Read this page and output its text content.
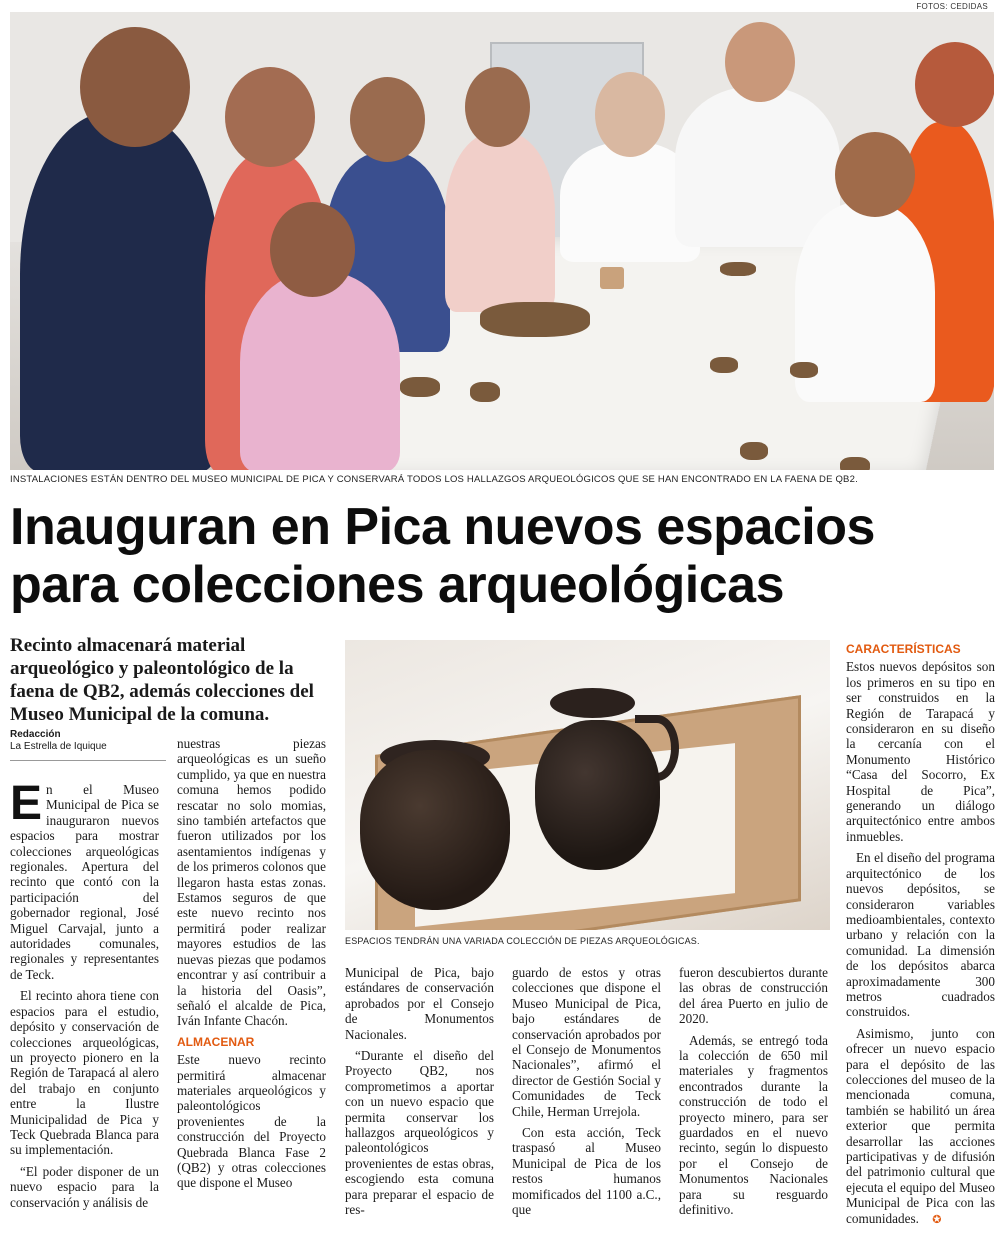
FOTOS: CEDIDAS
INSTALACIONES ESTÁN DENTRO DEL MUSEO MUNICIPAL DE PICA Y CONSERVARÁ TODOS LOS HALLAZGOS ARQUEOLÓGICOS QUE SE HAN ENCONTRADO EN LA FAENA DE QB2.
Inauguran en Pica nuevos espacios
para colecciones arqueológicas
Recinto almacenará material arqueológico y paleontológico de la faena de QB2, además colecciones del Museo Municipal de la comuna.
Redacción
La Estrella de Iquique

En el Museo Municipal de Pica se inauguraron nuevos espacios para mostrar colecciones arqueológicas regionales. Apertura del recinto que contó con la participación del gobernador regional, José Miguel Carvajal, junto a autoridades comunales, regionales y representantes de Teck.

El recinto ahora tiene con espacios para el estudio, depósito y conservación de colecciones arqueológicas, un proyecto pionero en la Región de Tarapacá al alero del trabajo en conjunto entre la Ilustre Municipalidad de Pica y Teck Quebrada Blanca para su implementación.

“El poder disponer de un nuevo espacio para la conservación y análisis de

nuestras piezas arqueológicas es un sueño cumplido, ya que en nuestra comuna hemos podido rescatar no solo momias, sino también artefactos que fueron utilizados por los asentamientos indígenas y de los primeros colonos que llegaron hasta estas zonas. Estamos seguros de que este nuevo recinto nos permitirá poder realizar mayores estudios de las nuevas piezas que podamos encontrar y así contribuir a la historia del Oasis”, señaló el alcalde de Pica, Iván Infante Chacón.

ALMACENAR

Este nuevo recinto permitirá almacenar materiales arqueológicos y paleontológicos provenientes de la construcción del Proyecto Quebrada Blanca Fase 2 (QB2) y otras colecciones que dispone el Museo

ESPACIOS TENDRÁN UNA VARIADA COLECCIÓN DE PIEZAS ARQUEOLÓGICAS.

Municipal de Pica, bajo estándares de conservación aprobados por el Consejo de Monumentos Nacionales.

“Durante el diseño del Proyecto QB2, nos comprometimos a aportar con un nuevo espacio que permita conservar los hallazgos arqueológicos y paleontológicos provenientes de estas obras, escogiendo esta comuna para preparar el espacio de res-

guardo de estos y otras colecciones que dispone el Museo Municipal de Pica, bajo estándares de conservación aprobados por el Consejo de Monumentos Nacionales”, afirmó el director de Gestión Social y Comunidades de Teck Chile, Herman Urrejola.

Con esta acción, Teck traspasó al Museo Municipal de Pica de los restos humanos momificados del 1100 a.C., que

fueron descubiertos durante las obras de construcción del área Puerto en julio de 2020.

Además, se entregó toda la colección de 650 mil materiales y fragmentos encontrados durante la construcción de todo el proyecto minero, para ser guardados en el nuevo recinto, según lo dispuesto por el Consejo de Monumentos Nacionales para su resguardo definitivo.

CARACTERÍSTICAS

Estos nuevos depósitos son los primeros en su tipo en ser construidos en la Región de Tarapacá y consideraron en su diseño la cercanía con el Monumento Histórico “Casa del Socorro, Ex Hospital de Pica”, generando un diálogo arquitectónico entre ambos inmuebles.

En el diseño del programa arquitectónico de los nuevos depósitos, se consideraron variables medioambientales, contexto urbano y relación con la comunidad. La dimensión de los depósitos abarca aproximadamente 300 metros cuadrados construidos.

Asimismo, junto con ofrecer un nuevo espacio para el depósito de las colecciones del museo de la mencionada comuna, también se habilitó un área exterior que permita desarrollar las acciones participativas y de difusión del patrimonio cultural que ejecuta el equipo del Museo Municipal de Pica con las comunidades. ✪
